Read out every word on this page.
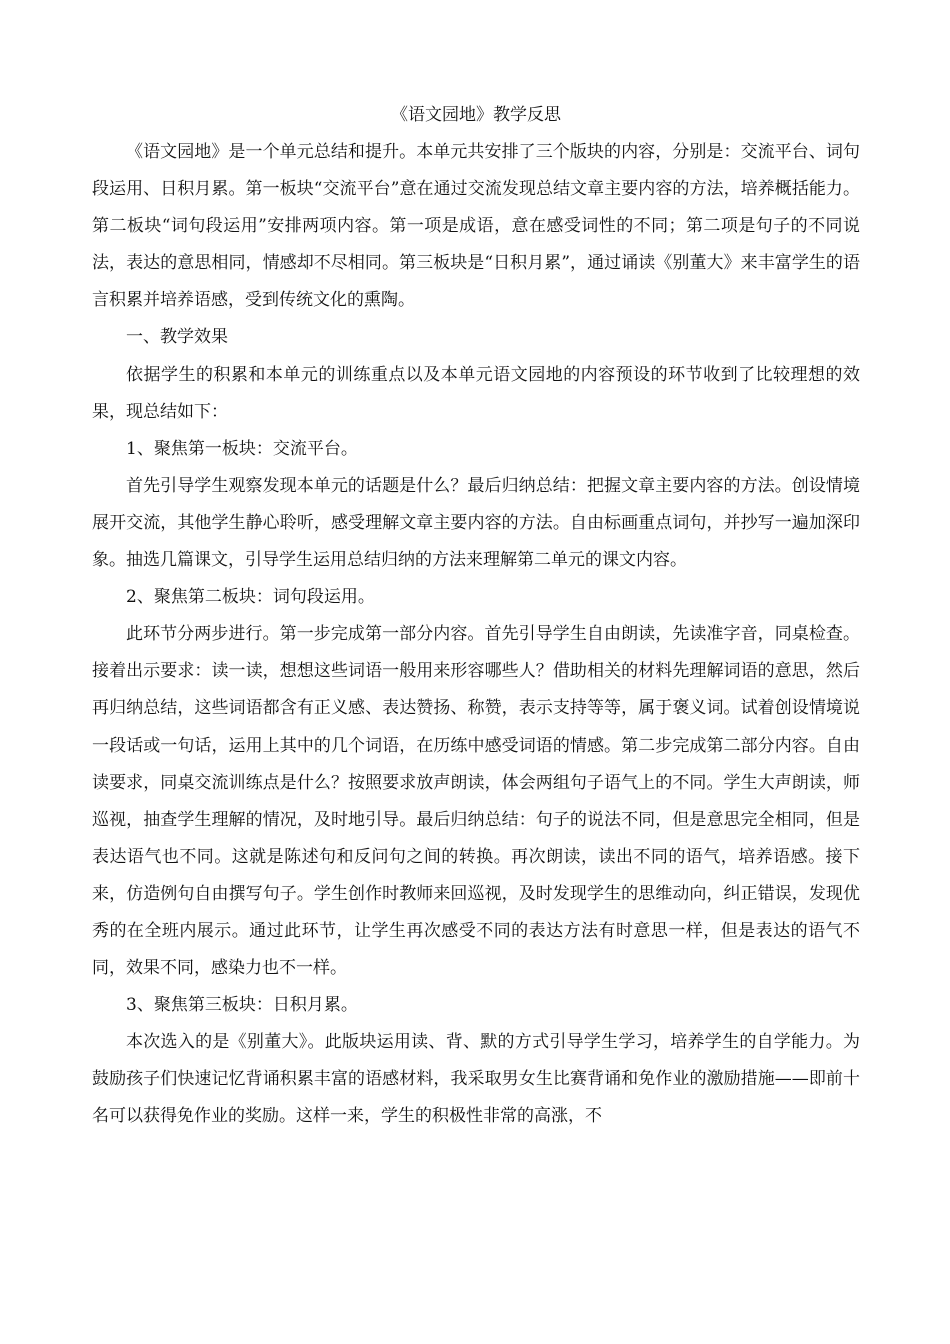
《语文园地》教学反思

《语文园地》是一个单元总结和提升。本单元共安排了三个版块的内容，分别是：交流平台、词句段运用、日积月累。第一板块“交流平台”意在通过交流发现总结文章主要内容的方法，培养概括能力。第二板块“词句段运用”安排两项内容。第一项是成语，意在感受词性的不同；第二项是句子的不同说法，表达的意思相同，情感却不尽相同。第三板块是“日积月累”，通过诵读《别董大》来丰富学生的语言积累并培养语感，受到传统文化的熏陶。

一、教学效果

依据学生的积累和本单元的训练重点以及本单元语文园地的内容预设的环节收到了比较理想的效果，现总结如下：

1、聚焦第一板块：交流平台。

首先引导学生观察发现本单元的话题是什么？最后归纳总结：把握文章主要内容的方法。创设情境展开交流，其他学生静心聆听，感受理解文章主要内容的方法。自由标画重点词句，并抄写一遍加深印象。抽选几篇课文，引导学生运用总结归纳的方法来理解第二单元的课文内容。

2、聚焦第二板块：词句段运用。

此环节分两步进行。第一步完成第一部分内容。首先引导学生自由朗读，先读准字音，同桌检查。接着出示要求：读一读，想想这些词语一般用来形容哪些人？借助相关的材料先理解词语的意思，然后再归纳总结，这些词语都含有正义感、表达赞扬、称赞，表示支持等等，属于褒义词。试着创设情境说一段话或一句话，运用上其中的几个词语，在历练中感受词语的情感。第二步完成第二部分内容。自由读要求，同桌交流训练点是什么？按照要求放声朗读，体会两组句子语气上的不同。学生大声朗读，师巡视，抽查学生理解的情况，及时地引导。最后归纳总结：句子的说法不同，但是意思完全相同，但是表达语气也不同。这就是陈述句和反问句之间的转换。再次朗读，读出不同的语气，培养语感。接下来，仿造例句自由撰写句子。学生创作时教师来回巡视，及时发现学生的思维动向，纠正错误，发现优秀的在全班内展示。通过此环节，让学生再次感受不同的表达方法有时意思一样，但是表达的语气不同，效果不同，感染力也不一样。

3、聚焦第三板块：日积月累。

本次选入的是《别董大》。此版块运用读、背、默的方式引导学生学习，培养学生的自学能力。为鼓励孩子们快速记忆背诵积累丰富的语感材料，我采取男女生比赛背诵和免作业的激励措施——即前十名可以获得免作业的奖励。这样一来，学生的积极性非常的高涨，不
